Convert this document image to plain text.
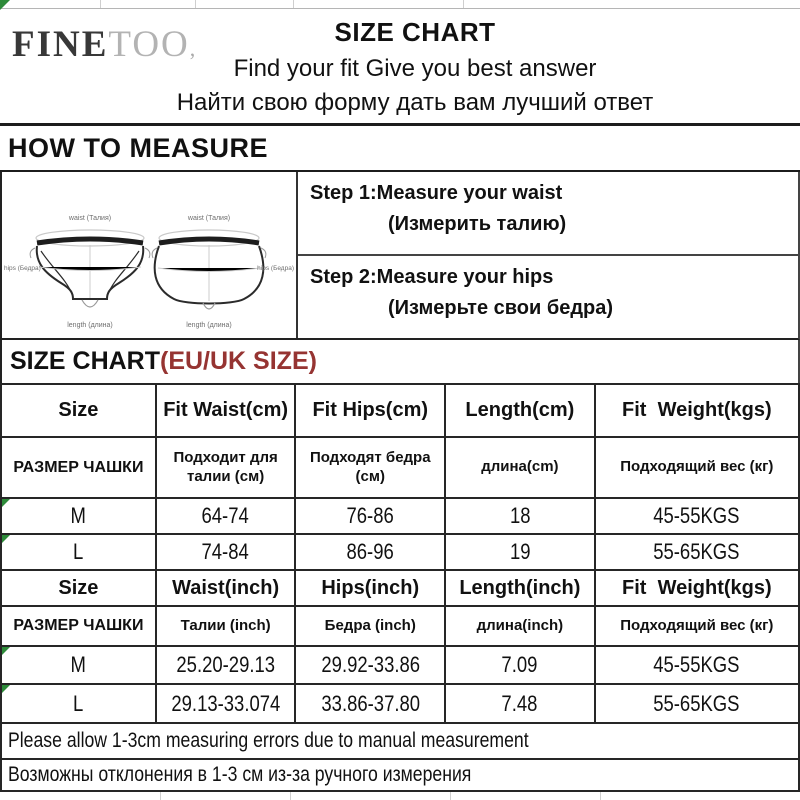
FINETOO,
SIZE CHART
Find your fit Give you best answer
Найти свою форму дать вам лучший ответ
HOW TO MEASURE
waist (Талия)	waist (Талия)
hips (Бедра)	hips (Бедра)
length (длина)	length (длина)
Step 1:Measure your waist
(Измерить талию)
Step 2:Measure your hips
(Измерьте свои бедра)
SIZE CHART (EU/UK SIZE)
Size	Fit Waist(cm)	Fit Hips(cm)	Length(cm)	Fit  Weight(kgs)
РАЗМЕР ЧАШКИ	Подходит для талии (см)	Подходят бедра (см)	длина(cm)	Подходящий вес (кг)
M	64-74	76-86	18	45-55KGS
L	74-84	86-96	19	55-65KGS
Size	Waist(inch)	Hips(inch)	Length(inch)	Fit  Weight(kgs)
РАЗМЕР ЧАШКИ	Талии (inch)	Бедра (inch)	длина(inch)	Подходящий вес (кг)
M	25.20-29.13	29.92-33.86	7.09	45-55KGS
L	29.13-33.074	33.86-37.80	7.48	55-65KGS
Please allow 1-3cm measuring errors due to manual measurement
Возможны отклонения в 1-3 см из-за ручного измерения
